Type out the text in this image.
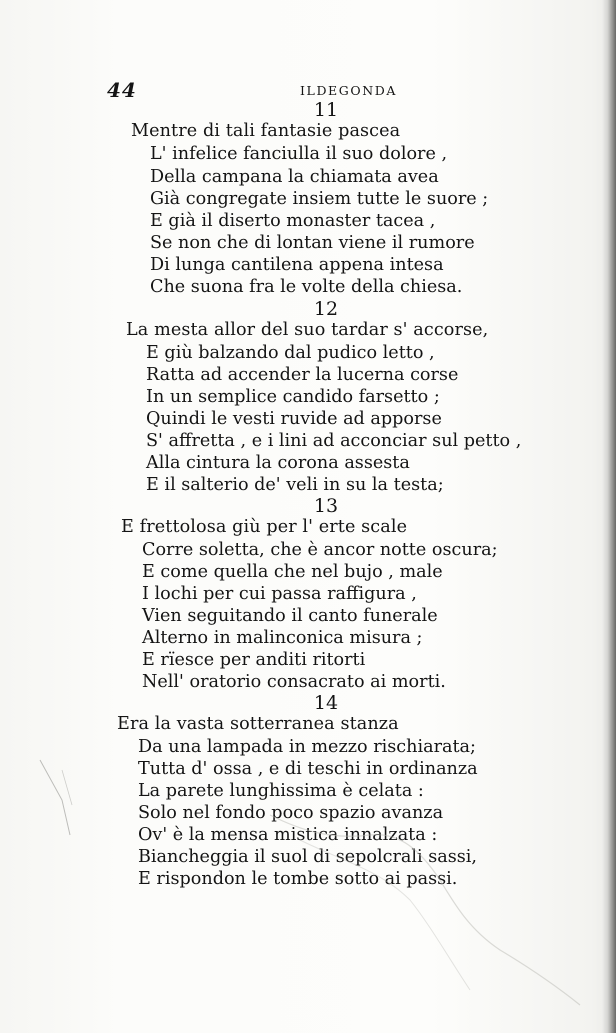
44	ILDEGONDA
11
Mentre di tali fantasie pascea
L' infelice fanciulla il suo dolore ,
Della campana la chiamata avea
Già congregate insiem tutte le suore ;
E già il diserto monaster tacea ,
Se non che di lontan viene il rumore
Di lunga cantilena appena intesa
Che suona fra le volte della chiesa.
12
La mesta allor del suo tardar s' accorse,
E giù balzando dal pudico letto ,
Ratta ad accender la lucerna corse
In un semplice candido farsetto ;
Quindi le vesti ruvide ad apporse
S' affretta , e i lini ad acconciar sul petto ,
Alla cintura la corona assesta
E il salterio de' veli in su la testa;
13
E frettolosa giù per l' erte scale
Corre soletta, che è ancor notte oscura;
E come quella che nel bujo , male
I lochi per cui passa raffigura ,
Vien seguitando il canto funerale
Alterno in malinconica misura ;
E rïesce per anditi ritorti
Nell' oratorio consacrato ai morti.
14
Era la vasta sotterranea stanza
Da una lampada in mezzo rischiarata;
Tutta d' ossa , e di teschi in ordinanza
La parete lunghissima è celata :
Solo nel fondo poco spazio avanza
Ov' è la mensa mistica innalzata :
Biancheggia il suol di sepolcrali sassi,
E rispondon le tombe sotto ai passi.
